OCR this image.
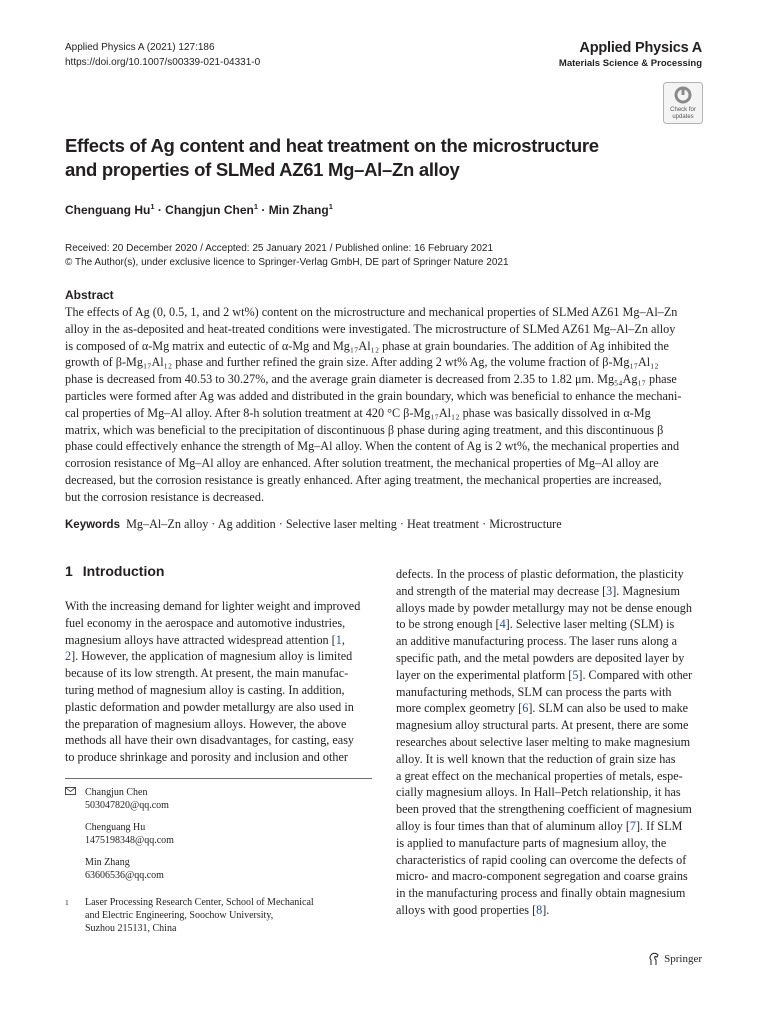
Applied Physics A (2021) 127:186
https://doi.org/10.1007/s00339-021-04331-0
Applied Physics A
Materials Science & Processing
Check for
updates
Effects of Ag content and heat treatment on the microstructure
and properties of SLMed AZ61 Mg–Al–Zn alloy
Chenguang $Hu^1$ · Changjun Chen$^1$ · Min Zhang$^1$
Received: 20 December 2020 / Accepted: 25 January 2021 / Published online: 16 February 2021
© The Author(s), under exclusive licence to Springer-Verlag GmbH, DE part of Springer Nature 2021
Abstract
The effects of Ag (0, 0.5, 1, and 2 wt%) content on the microstructure and mechanical properties of SLMed AZ61 Mg–Al–Zn
alloy in the as-deposited and heat-treated conditions were investigated. The microstructure of SLMed AZ61 Mg–Al–Zn alloy
is composed of α-Mg matrix and eutectic of α-Mg and Mg₁₇Al₁₂ phase at grain boundaries. The addition of Ag inhibited the
growth of β-Mg₁₇Al₁₂ phase and further refined the grain size. After adding 2 wt% Ag, the volume fraction of β-Mg₁₇Al₁₂
phase is decreased from 40.53 to 30.27%, and the average grain diameter is decreased from 2.35 to 1.82 μm. Mg₅₄Ag₁₇ phase
particles were formed after Ag was added and distributed in the grain boundary, which was beneficial to enhance the mechani-
cal properties of Mg–Al alloy. After 8-h solution treatment at 420 °C β-Mg₁₇Al₁₂ phase was basically dissolved in α-Mg
matrix, which was beneficial to the precipitation of discontinuous β phase during aging treatment, and this discontinuous β
phase could effectively enhance the strength of Mg–Al alloy. When the content of Ag is 2 wt%, the mechanical properties and
corrosion resistance of Mg–Al alloy are enhanced. After solution treatment, the mechanical properties of Mg–Al alloy are
decreased, but the corrosion resistance is greatly enhanced. After aging treatment, the mechanical properties are increased,
but the corrosion resistance is decreased.
Keywords Mg–Al–Zn alloy · Ag addition · Selective laser melting · Heat treatment · Microstructure
1 Introduction
With the increasing demand for lighter weight and improved
fuel economy in the aerospace and automotive industries,
magnesium alloys have attracted widespread attention [1,
2]. However, the application of magnesium alloy is limited
because of its low strength. At present, the main manufac-
turing method of magnesium alloy is casting. In addition,
plastic deformation and powder metallurgy are also used in
the preparation of magnesium alloys. However, the above
methods all have their own disadvantages, for casting, easy
to produce shrinkage and porosity and inclusion and other
defects. In the process of plastic deformation, the plasticity
and strength of the material may decrease [3]. Magnesium
alloys made by powder metallurgy may not be dense enough
to be strong enough [4]. Selective laser melting (SLM) is
an additive manufacturing process. The laser runs along a
specific path, and the metal powders are deposited layer by
layer on the experimental platform [5]. Compared with other
manufacturing methods, SLM can process the parts with
more complex geometry [6]. SLM can also be used to make
magnesium alloy structural parts. At present, there are some
researches about selective laser melting to make magnesium
alloy. It is well known that the reduction of grain size has
a great effect on the mechanical properties of metals, espe-
cially magnesium alloys. In Hall–Petch relationship, it has
been proved that the strengthening coefficient of magnesium
alloy is four times than that of aluminum alloy [7]. If SLM
is applied to manufacture parts of magnesium alloy, the
characteristics of rapid cooling can overcome the defects of
micro- and macro-component segregation and coarse grains
in the manufacturing process and finally obtain magnesium
alloys with good properties [8].
Changjun Chen
503047820@qq.com
Chenguang Hu
1475198348@qq.com
Min Zhang
63606536@qq.com
1 Laser Processing Research Center, School of Mechanical
and Electric Engineering, Soochow University,
Suzhou 215131, China
Springer
